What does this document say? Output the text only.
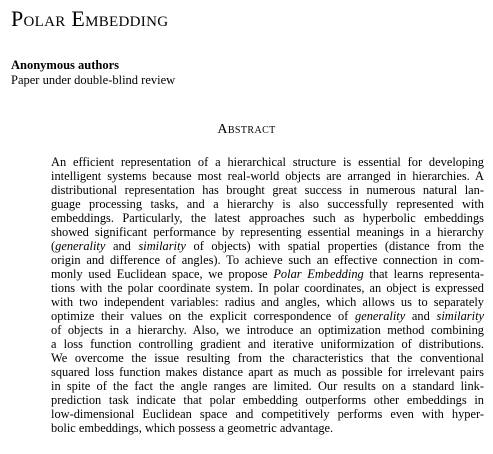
Polar Embedding
Anonymous authors
Paper under double-blind review
Abstract
An efficient representation of a hierarchical structure is essential for developing
intelligent systems because most real-world objects are arranged in hierarchies. A
distributional representation has brought great success in numerous natural lan-
guage processing tasks, and a hierarchy is also successfully represented with
embeddings. Particularly, the latest approaches such as hyperbolic embeddings
showed significant performance by representing essential meanings in a hierarchy
(generality and similarity of objects) with spatial properties (distance from the
origin and difference of angles). To achieve such an effective connection in com-
monly used Euclidean space, we propose Polar Embedding that learns representa-
tions with the polar coordinate system. In polar coordinates, an object is expressed
with two independent variables: radius and angles, which allows us to separately
optimize their values on the explicit correspondence of generality and similarity
of objects in a hierarchy. Also, we introduce an optimization method combining
a loss function controlling gradient and iterative uniformization of distributions.
We overcome the issue resulting from the characteristics that the conventional
squared loss function makes distance apart as much as possible for irrelevant pairs
in spite of the fact the angle ranges are limited. Our results on a standard link-
prediction task indicate that polar embedding outperforms other embeddings in
low-dimensional Euclidean space and competitively performs even with hyper-
bolic embeddings, which possess a geometric advantage.
